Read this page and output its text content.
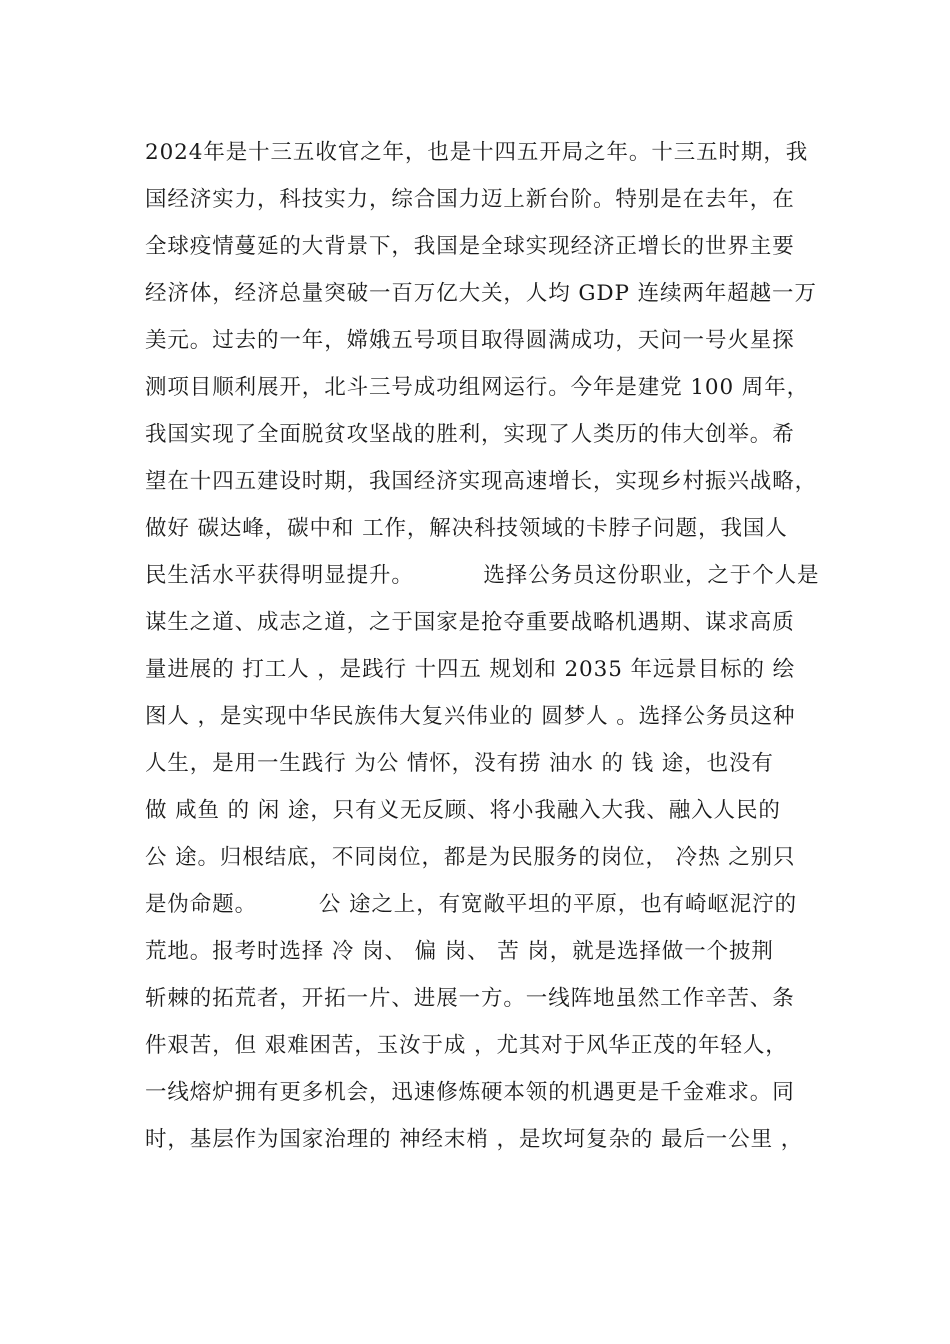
2024年是十三五收官之年，也是十四五开局之年。十三五时期，我
国经济实力，科技实力，综合国力迈上新台阶。特别是在去年，在
全球疫情蔓延的大背景下，我国是全球实现经济正增长的世界主要
经济体，经济总量突破一百万亿大关，人均 GDP 连续两年超越一万
美元。过去的一年，嫦娥五号项目取得圆满成功，天问一号火星探
测项目顺利展开，北斗三号成功组网运行。今年是建党 100 周年，
我国实现了全面脱贫攻坚战的胜利，实现了人类历的伟大创举。希
望在十四五建设时期，我国经济实现高速增长，实现乡村振兴战略，
做好 碳达峰，碳中和 工作，解决科技领域的卡脖子问题，我国人
民生活水平获得明显提升。         选择公务员这份职业，之于个人是
谋生之道、成志之道，之于国家是抢夺重要战略机遇期、谋求高质
量进展的 打工人 ，是践行 十四五 规划和 2035 年远景目标的 绘
图人 ，是实现中华民族伟大复兴伟业的 圆梦人 。选择公务员这种
人生，是用一生践行 为公 情怀，没有捞 油水 的 钱 途，也没有
做 咸鱼 的 闲 途，只有义无反顾、将小我融入大我、融入人民的
公 途。归根结底，不同岗位，都是为民服务的岗位， 冷热 之别只
是伪命题。        公 途之上，有宽敞平坦的平原，也有崎岖泥泞的
荒地。报考时选择 冷 岗、 偏 岗、 苦 岗，就是选择做一个披荆
斩棘的拓荒者，开拓一片、进展一方。一线阵地虽然工作辛苦、条
件艰苦，但 艰难困苦，玉汝于成 ，尤其对于风华正茂的年轻人，
一线熔炉拥有更多机会，迅速修炼硬本领的机遇更是千金难求。同
时，基层作为国家治理的 神经末梢 ，是坎坷复杂的 最后一公里 ，
